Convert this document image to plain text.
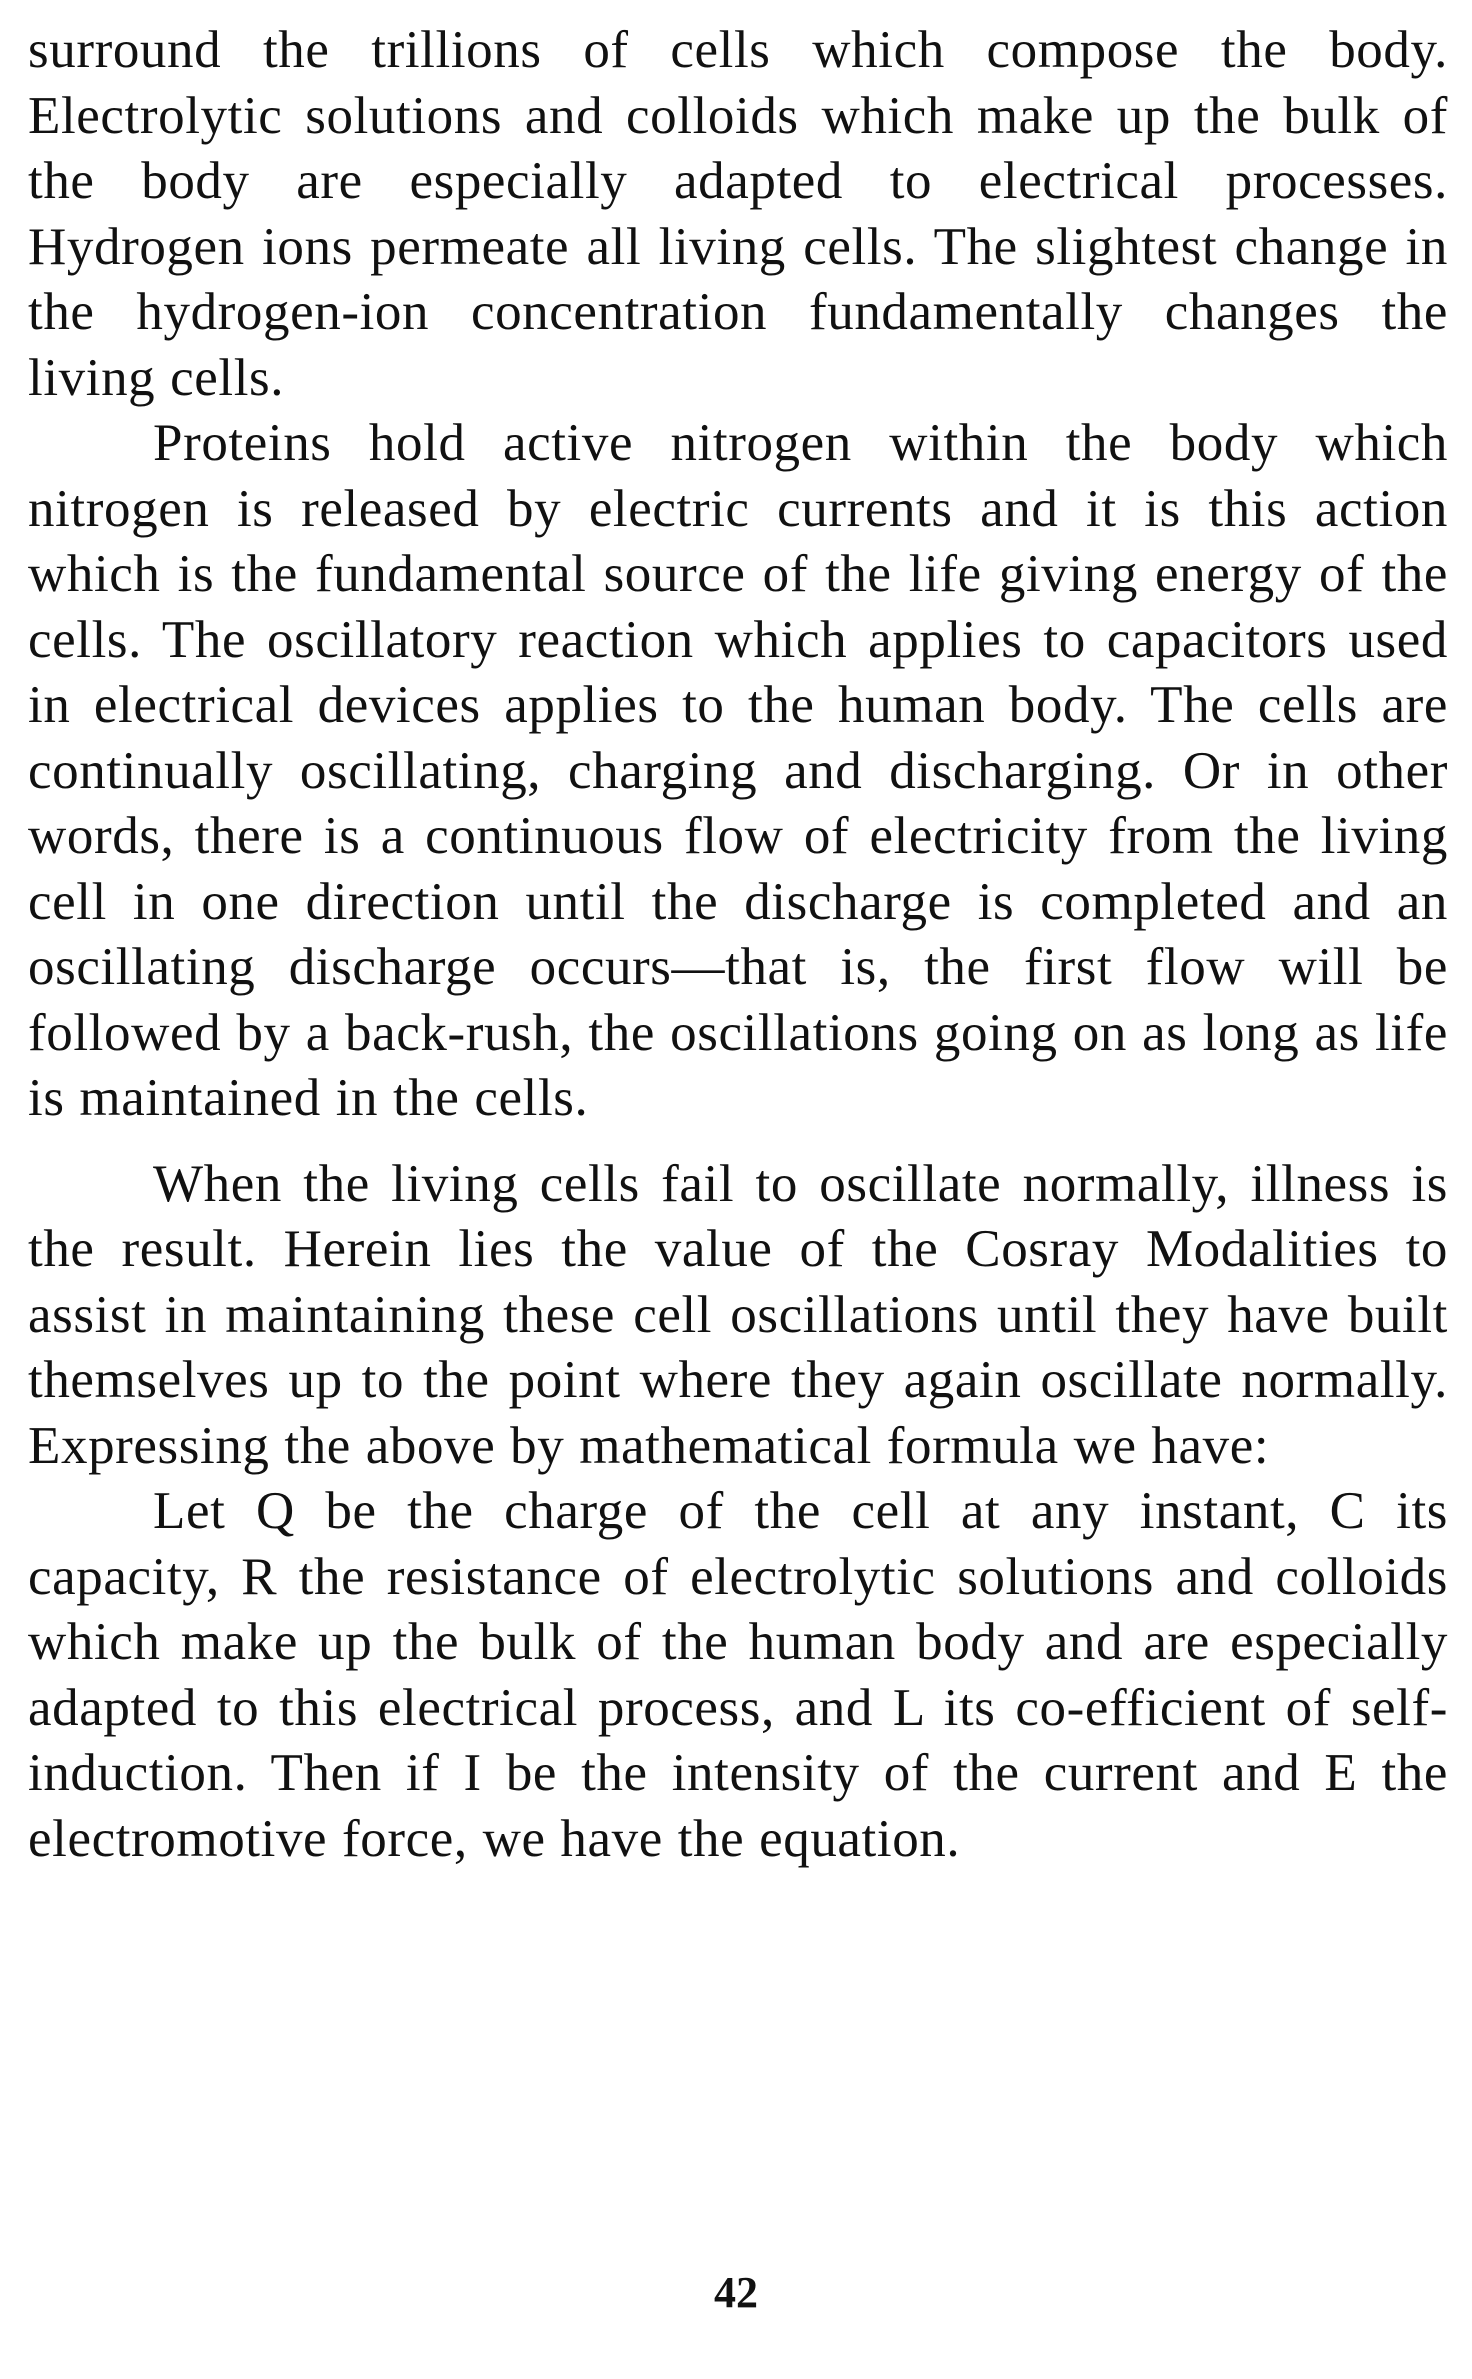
surround the trillions of cells which compose the body. Electrolytic solutions and colloids which make up the bulk of the body are especially adapted to electrical processes. Hydrogen ions permeate all living cells. The slightest change in the hydrogen-ion concentration fundamentally changes the living cells.

Proteins hold active nitrogen within the body which nitrogen is released by electric currents and it is this action which is the fundamental source of the life giving energy of the cells. The oscillatory reaction which applies to capacitors used in electrical devices applies to the human body. The cells are continually oscillating, charging and discharging. Or in other words, there is a continuous flow of electricity from the living cell in one direction until the discharge is completed and an oscillating discharge occurs—that is, the first flow will be followed by a back-rush, the oscillations going on as long as life is maintained in the cells.

When the living cells fail to oscillate normally, illness is the result. Herein lies the value of the Cosray Modalities to assist in maintaining these cell oscillations until they have built themselves up to the point where they again oscillate normally. Expressing the above by mathematical formula we have:

Let Q be the charge of the cell at any instant, C its capacity, R the resistance of electrolytic solutions and colloids which make up the bulk of the human body and are especially adapted to this electrical process, and L its co-efficient of self-induction. Then if I be the intensity of the current and E the electromotive force, we have the equation.

42
